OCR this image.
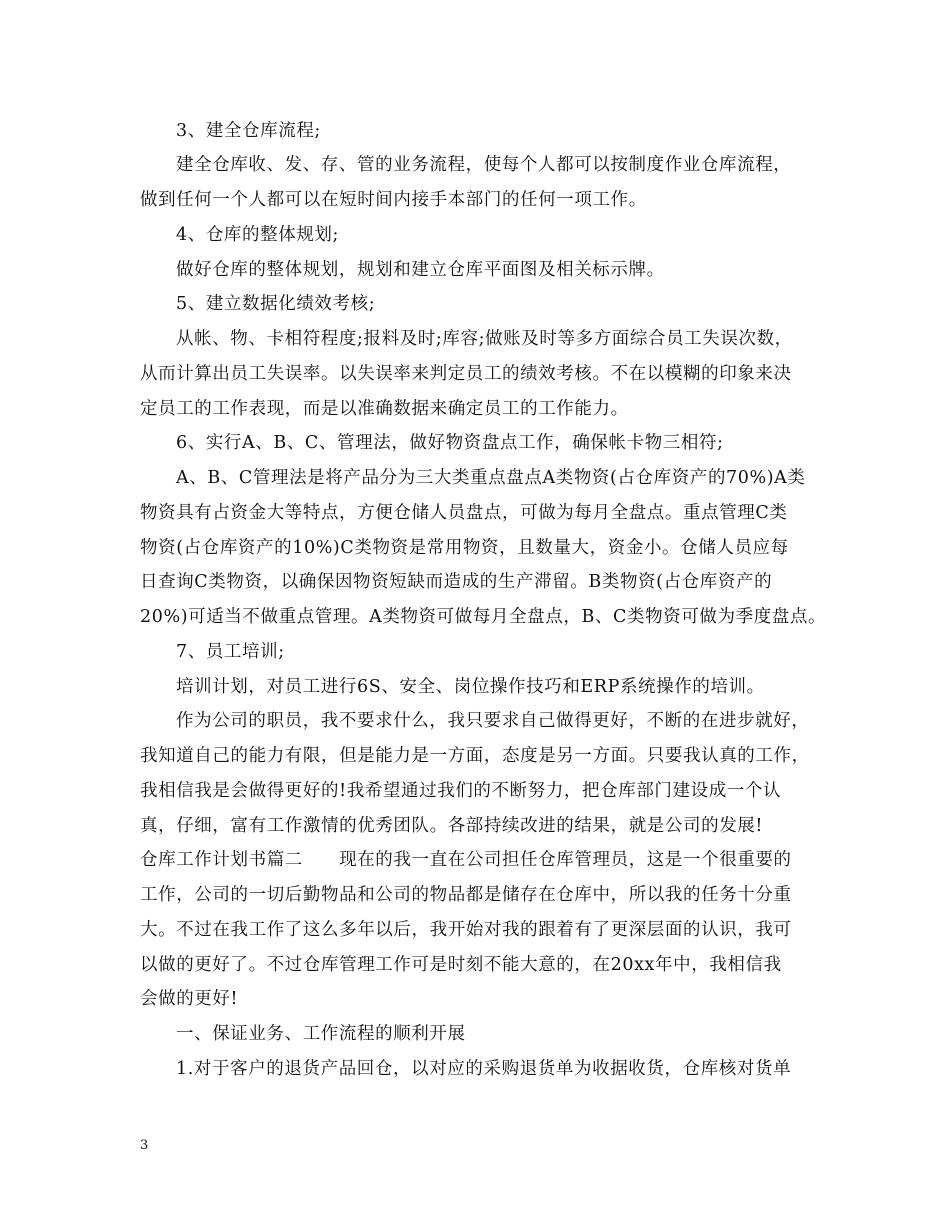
3、建全仓库流程;
建全仓库收、发、存、管的业务流程，使每个人都可以按制度作业仓库流程，
做到任何一个人都可以在短时间内接手本部门的任何一项工作。
4、仓库的整体规划;
做好仓库的整体规划，规划和建立仓库平面图及相关标示牌。
5、建立数据化绩效考核;
从帐、物、卡相符程度;报料及时;库容;做账及时等多方面综合员工失误次数，
从而计算出员工失误率。以失误率来判定员工的绩效考核。不在以模糊的印象来决
定员工的工作表现，而是以准确数据来确定员工的工作能力。
6、实行A、B、C、管理法，做好物资盘点工作，确保帐卡物三相符;
A、B、C管理法是将产品分为三大类重点盘点A类物资(占仓库资产的70%)A类
物资具有占资金大等特点，方便仓储人员盘点，可做为每月全盘点。重点管理C类
物资(占仓库资产的10%)C类物资是常用物资，且数量大，资金小。仓储人员应每
日查询C类物资，以确保因物资短缺而造成的生产滞留。B类物资(占仓库资产的
20%)可适当不做重点管理。A类物资可做每月全盘点，B、C类物资可做为季度盘点。
7、员工培训;
培训计划，对员工进行6S、安全、岗位操作技巧和ERP系统操作的培训。
作为公司的职员，我不要求什么，我只要求自己做得更好，不断的在进步就好，
我知道自己的能力有限，但是能力是一方面，态度是另一方面。只要我认真的工作，
我相信我是会做得更好的!我希望通过我们的不断努力，把仓库部门建设成一个认
真，仔细，富有工作激情的优秀团队。各部持续改进的结果，就是公司的发展!
仓库工作计划书篇二　　现在的我一直在公司担任仓库管理员，这是一个很重要的
工作，公司的一切后勤物品和公司的物品都是储存在仓库中，所以我的任务十分重
大。不过在我工作了这么多年以后，我开始对我的跟着有了更深层面的认识，我可
以做的更好了。不过仓库管理工作可是时刻不能大意的，在20xx年中，我相信我
会做的更好!
一、保证业务、工作流程的顺利开展
1.对于客户的退货产品回仓，以对应的采购退货单为收据收货，仓库核对货单
3
